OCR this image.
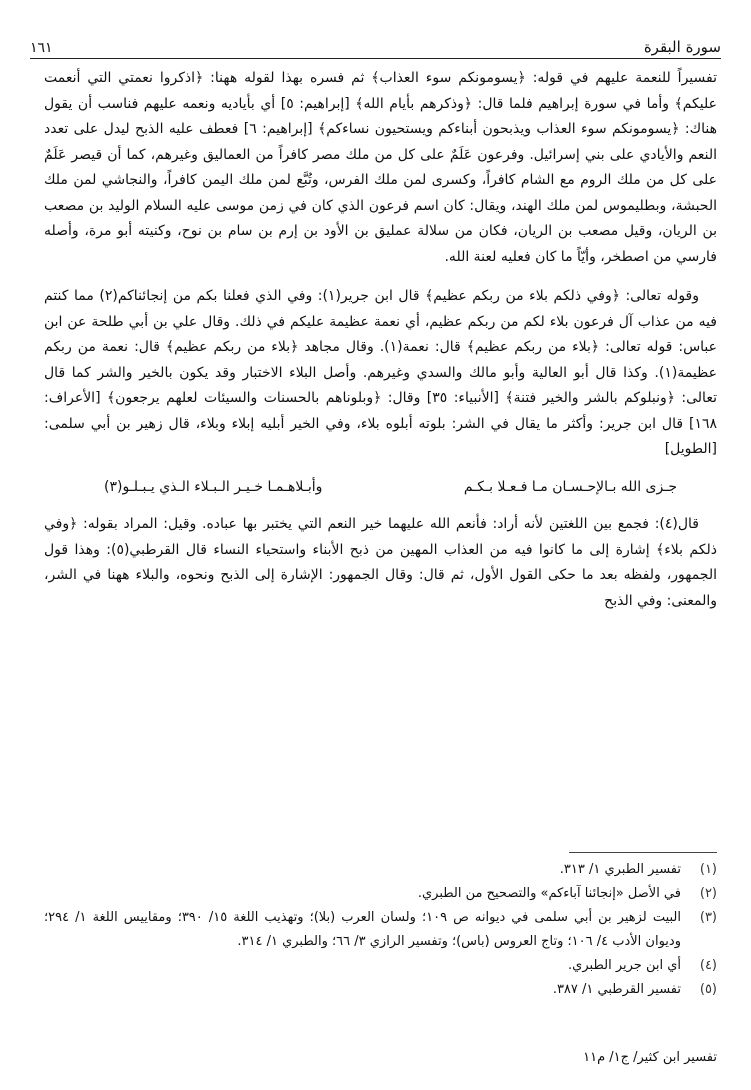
سورة البقرة
١٦١

تفسيراً للنعمة عليهم في قوله: ﴿يسومونكم سوء العذاب﴾ ثم فسره بهذا لقوله ههنا: ﴿اذكروا نعمتي التي أنعمت عليكم﴾ وأما في سورة إبراهيم فلما قال: ﴿وذكرهم بأيام الله﴾ [إبراهيم: ٥] أي بأياديه ونعمه عليهم فناسب أن يقول هناك: ﴿يسومونكم سوء العذاب ويذبحون أبناءكم ويستحيون نساءكم﴾ [إبراهيم: ٦] فعطف عليه الذبح ليدل على تعدد النعم والأيادي على بني إسرائيل. وفرعون عَلَمٌ على كل من ملك مصر كافراً من العماليق وغيرهم، كما أن قيصر عَلَمٌ على كل من ملك الروم مع الشام كافراً، وكسرى لمن ملك الفرس، وتُبَّع لمن ملك اليمن كافراً، والنجاشي لمن ملك الحبشة، وبطليموس لمن ملك الهند، ويقال: كان اسم فرعون الذي كان في زمن موسى عليه السلام الوليد بن مصعب بن الريان، وقيل مصعب بن الريان، فكان من سلالة عمليق بن الأود بن إرم بن سام بن نوح، وكنيته أبو مرة، وأصله فارسي من اصطخر، وأيّاً ما كان فعليه لعنة الله.

وقوله تعالى: ﴿وفي ذلكم بلاء من ربكم عظيم﴾ قال ابن جرير(١): وفي الذي فعلنا بكم من إنجائناكم(٢) مما كنتم فيه من عذاب آل فرعون بلاء لكم من ربكم عظيم، أي نعمة عظيمة عليكم في ذلك. وقال علي بن أبي طلحة عن ابن عباس: قوله تعالى: ﴿بلاء من ربكم عظيم﴾ قال: نعمة(١). وقال مجاهد ﴿بلاء من ربكم عظيم﴾ قال: نعمة من ربكم عظيمة(١). وكذا قال أبو العالية وأبو مالك والسدي وغيرهم. وأصل البلاء الاختبار وقد يكون بالخير والشر كما قال تعالى: ﴿ونبلوكم بالشر والخير فتنة﴾ [الأنبياء: ٣٥] وقال: ﴿وبلوناهم بالحسنات والسيئات لعلهم يرجعون﴾ [الأعراف: ١٦٨] قال ابن جرير: وأكثر ما يقال في الشر: بلوته أبلوه بلاء، وفي الخير أبليه إبلاء وبلاء، قال زهير بن أبي سلمى: [الطويل]

جـزى الله بـالإحـسـان مـا فـعـلا بـكـم
وأبـلاهـمـا خـيـر الـبـلاء الـذي يـبـلـو(٣)

قال(٤): فجمع بين اللغتين لأنه أراد: فأنعم الله عليهما خير النعم التي يختبر بها عباده. وقيل: المراد بقوله: ﴿وفي ذلكم بلاء﴾ إشارة إلى ما كانوا فيه من العذاب المهين من ذبح الأبناء واستحياء النساء قال القرطبي(٥): وهذا قول الجمهور، ولفظه بعد ما حكى القول الأول، ثم قال: وقال الجمهور: الإشارة إلى الذبح ونحوه، والبلاء ههنا في الشر، والمعنى: وفي الذبح

(١)
تفسير الطبري ١/ ٣١٣.
(٢)
في الأصل «إنجائنا آباءكم» والتصحيح من الطبري.
(٣)
البيت لزهير بن أبي سلمى في ديوانه ص ١٠٩؛ ولسان العرب (بلا)؛ وتهذيب اللغة ١٥/ ٣٩٠؛ ومقاييس اللغة ١/ ٢٩٤؛ وديوان الأدب ٤/ ١٠٦؛ وتاج العروس (باس)؛ وتفسير الرازي ٣/ ٦٦؛ والطبري ١/ ٣١٤.
(٤)
أي ابن جرير الطبري.
(٥)
تفسير القرطبي ١/ ٣٨٧.
تفسير ابن كثير/ ج١/ م١١
